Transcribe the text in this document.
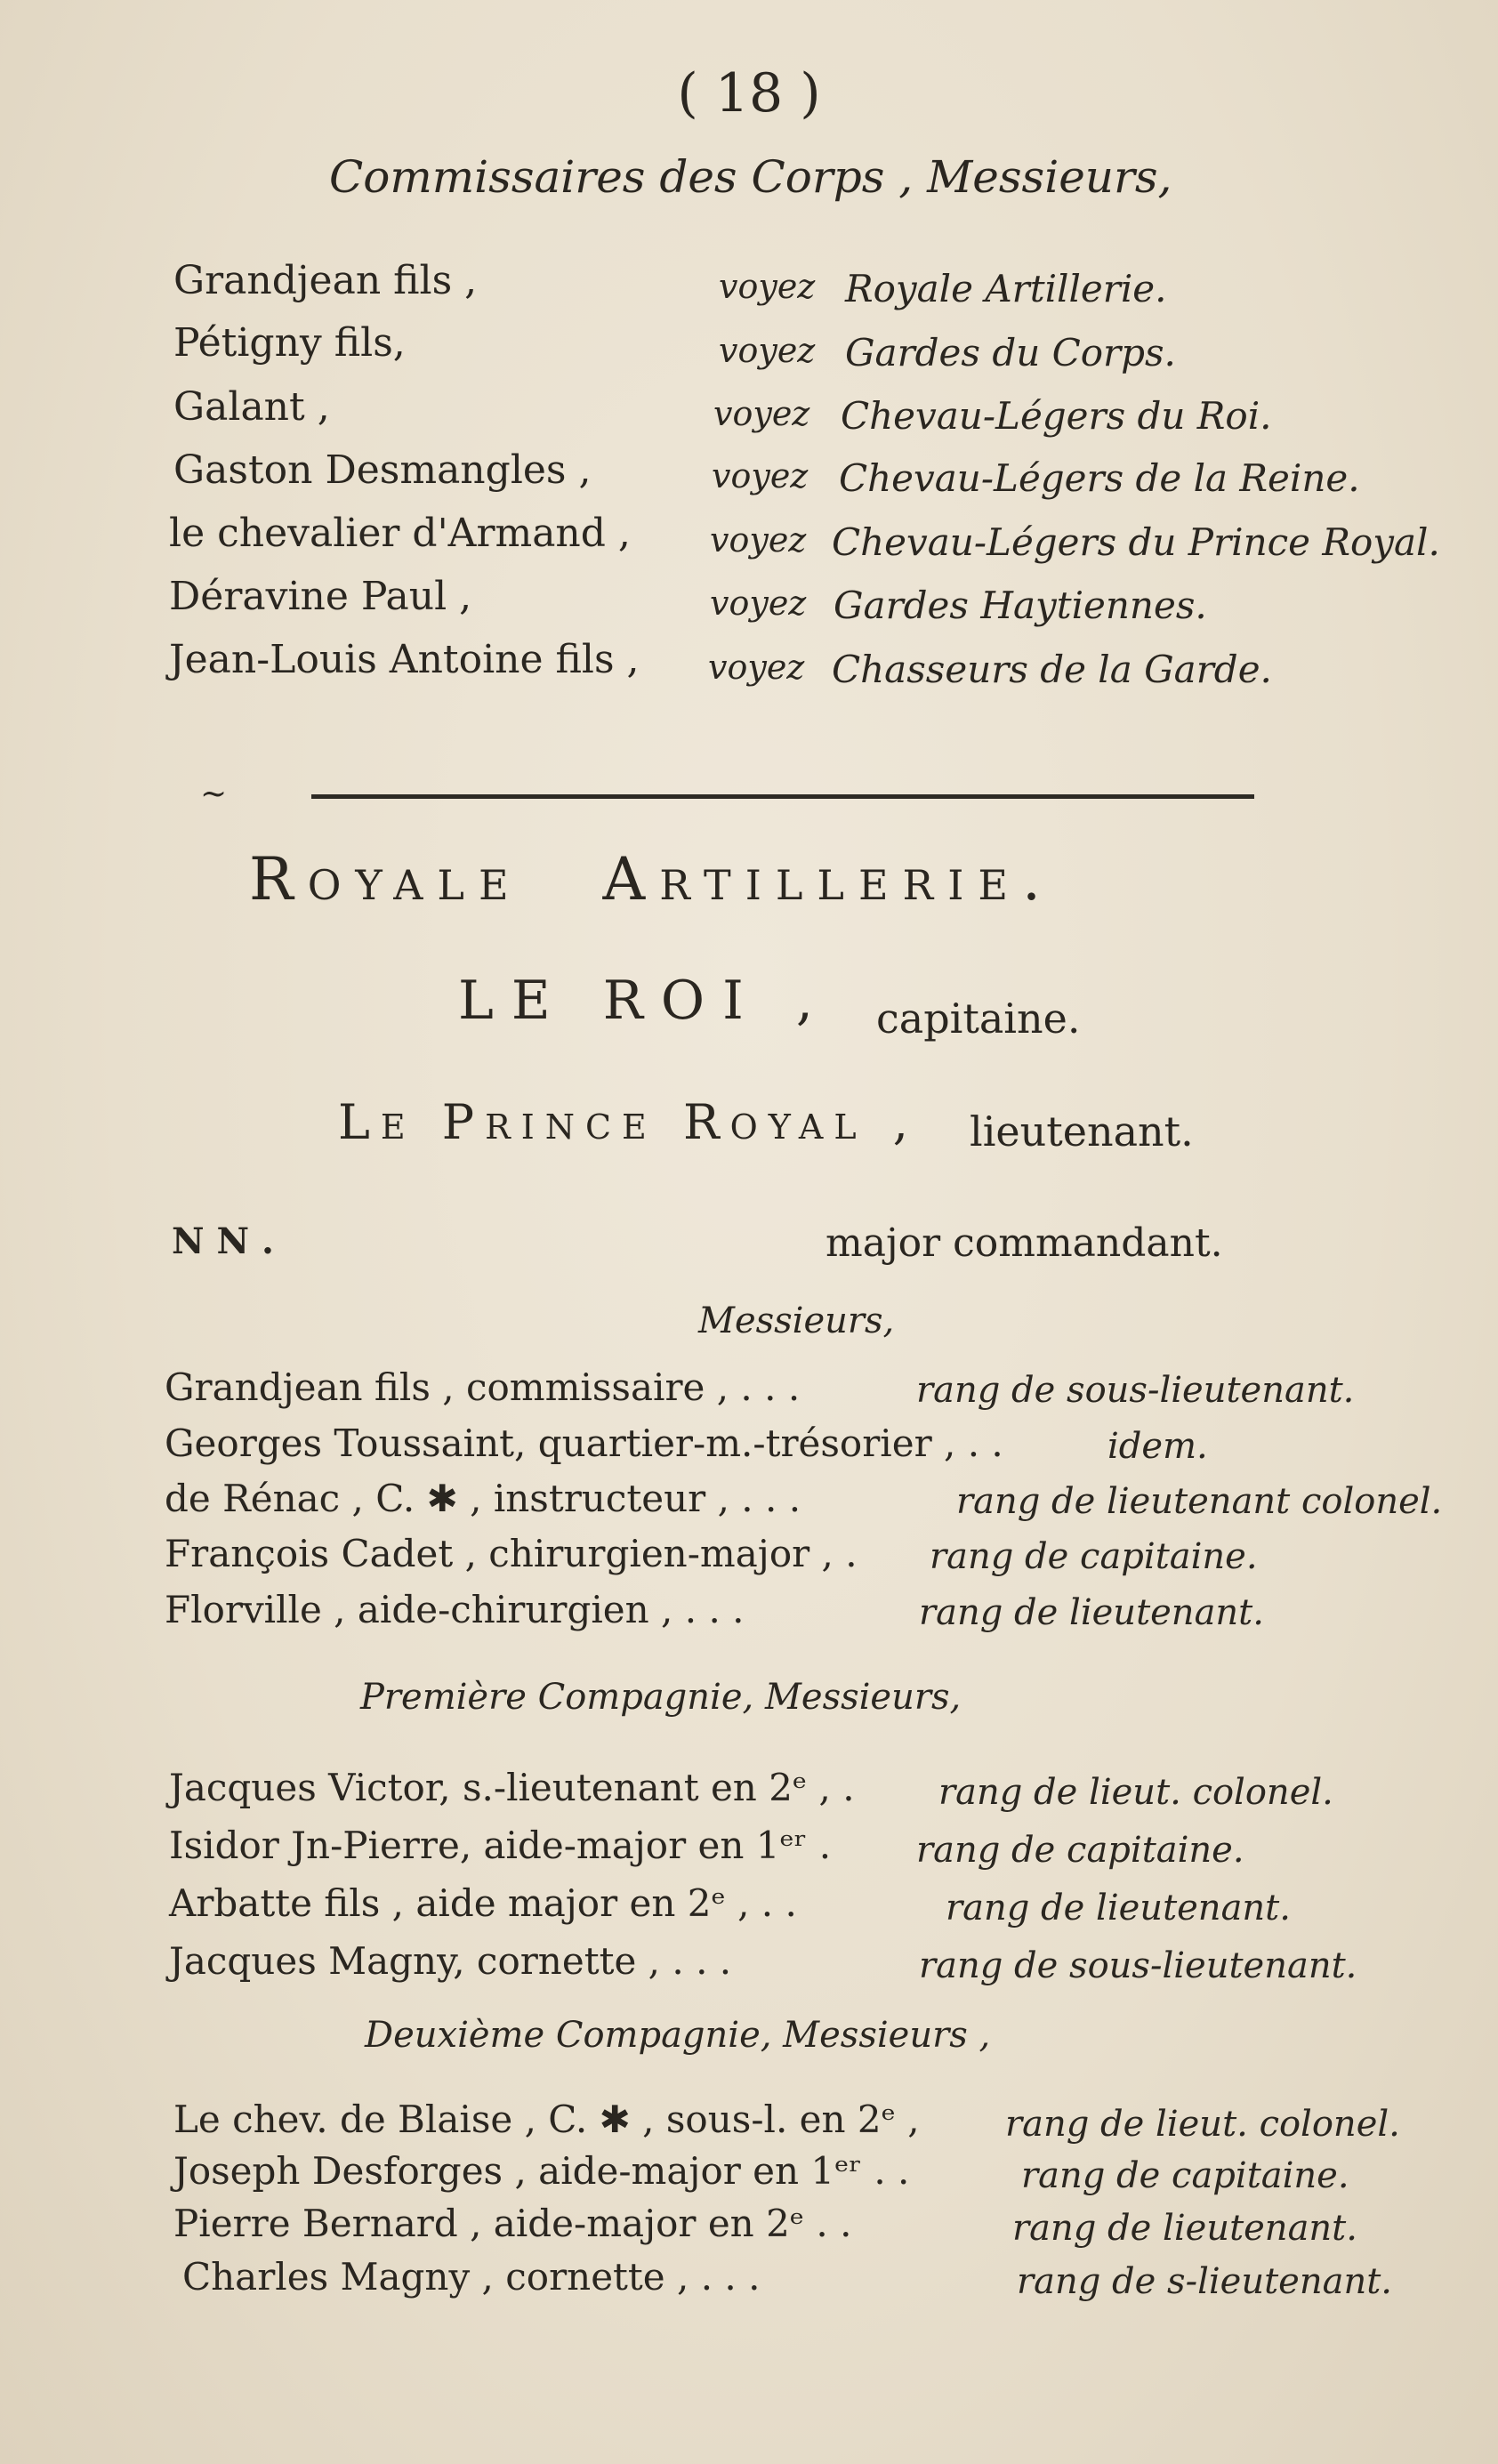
( 18 )
Commissaires des Corps , Messieurs,
Grandjean fils ,	voyez Royale Artillerie.
Pétigny fils,	voyez Gardes du Corps.
Galant ,	voyez Chevau-Légers du Roi.
Gaston Desmangles ,	voyez Chevau-Légers de la Reine.
le chevalier d'Armand , voyez Chevau-Légers du Prince Royal.
Déravine Paul ,	voyez Gardes Haytiennes.
Jean-Louis Antoine fils , voyez Chasseurs de la Garde.
~
Royale Artillerie.
LE ROI , capitaine.
Le Prince Royal , lieutenant.
N N .	major commandant.
Messieurs,
Grandjean fils , commissaire , . . .	rang de sous-lieutenant.
Georges Toussaint, quartier-m.-trésorier , . .	idem.
de Rénac , C. ✱ , instructeur , . . .	rang de lieutenant colonel.
François Cadet , chirurgien-major , . rang de capitaine.
Florville , aide-chirurgien , . . .	rang de lieutenant.
Première Compagnie, Messieurs,
Jacques Victor, s.-lieutenant en 2ᵉ , . rang de lieut. colonel.
Isidor Jn-Pierre, aide-major en 1ᵉʳ . rang de capitaine.
Arbatte fils , aide major en 2ᵉ , . .	rang de lieutenant.
Jacques Magny, cornette , . . .	rang de sous-lieutenant.
Deuxième Compagnie, Messieurs ,
Le chev. de Blaise , C. ✱ , sous-l. en 2ᵉ , rang de lieut. colonel.
Joseph Desforges , aide-major en 1ᵉʳ . .	rang de capitaine.
Pierre Bernard , aide-major en 2ᵉ . .	rang de lieutenant.
Charles Magny , cornette , . . .	rang de s-lieutenant.
